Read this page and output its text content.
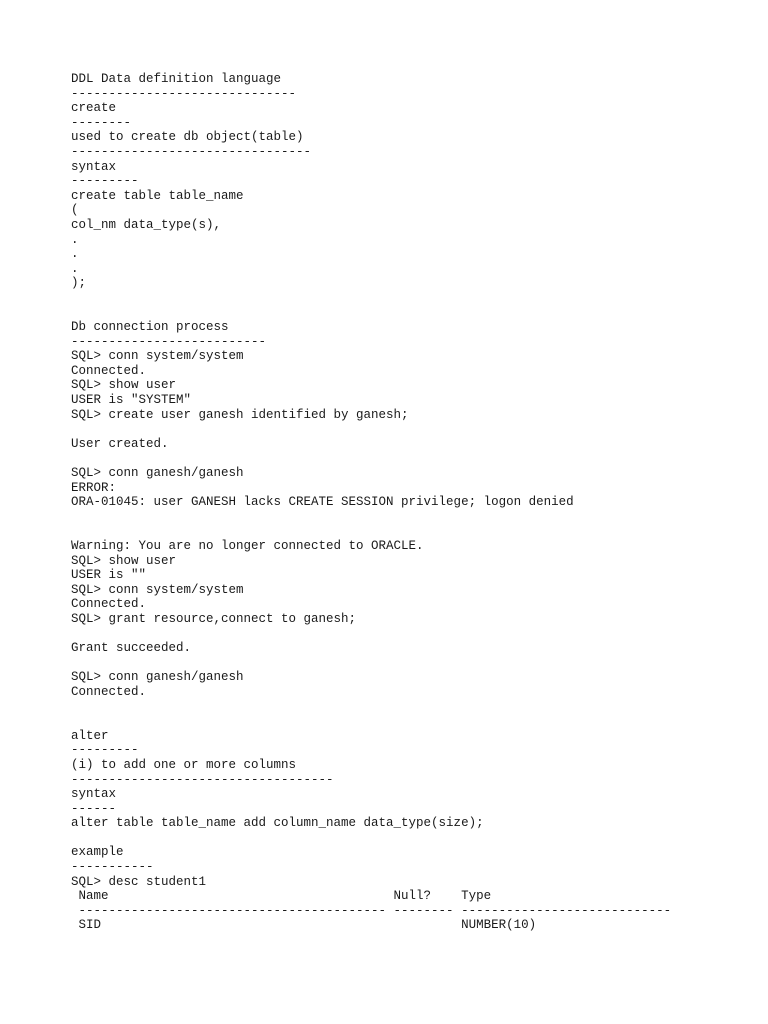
DDL Data definition language
------------------------------
create
--------
used to create db object(table)
--------------------------------
syntax
---------
create table table_name
(
col_nm data_type(s),
.
.
.
);
Db connection process
--------------------------
SQL> conn system/system
Connected.
SQL> show user
USER is "SYSTEM"
SQL> create user ganesh identified by ganesh;
User created.
SQL> conn ganesh/ganesh
ERROR:
ORA-01045: user GANESH lacks CREATE SESSION privilege; logon denied
Warning: You are no longer connected to ORACLE.
SQL> show user
USER is ""
SQL> conn system/system
Connected.
SQL> grant resource,connect to ganesh;
Grant succeeded.
SQL> conn ganesh/ganesh
Connected.
alter
---------
(i) to add one or more columns
-----------------------------------
syntax
------
alter table table_name add column_name data_type(size);
example
-----------
SQL> desc student1
Name                                      Null?    Type
----------------------------------------- -------- ----------------------------
SID                                                NUMBER(10)
